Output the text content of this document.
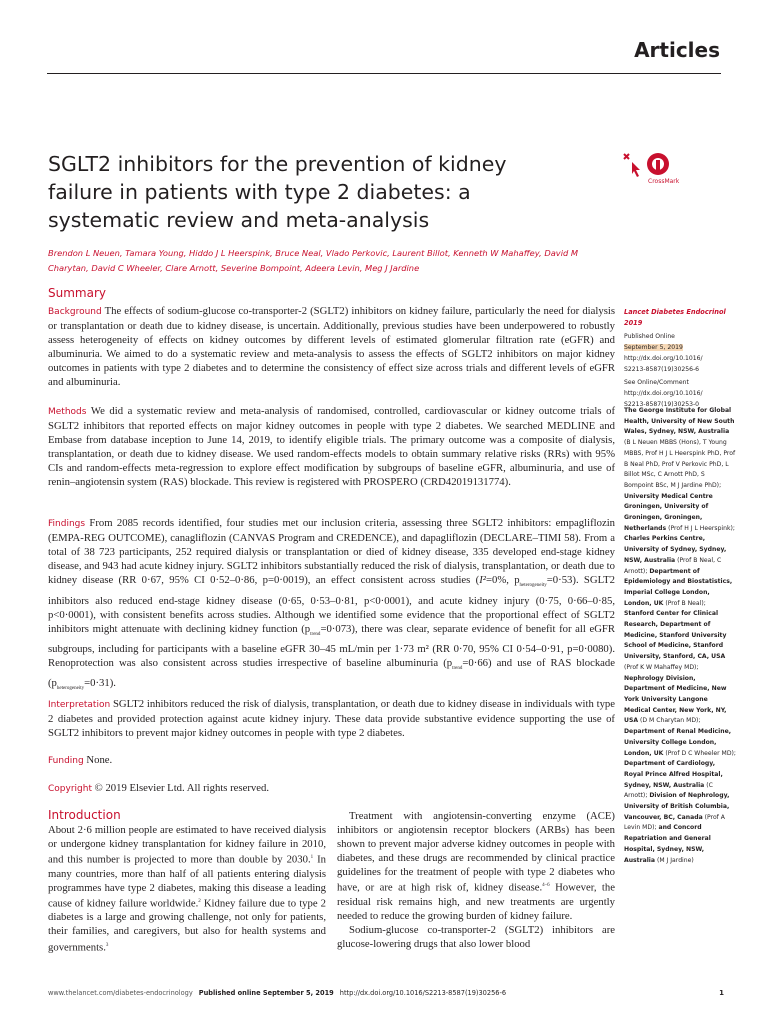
Articles
SGLT2 inhibitors for the prevention of kidney failure in patients with type 2 diabetes: a systematic review and meta-analysis
CrossMark
Brendon L Neuen, Tamara Young, Hiddo J L Heerspink, Bruce Neal, Vlado Perkovic, Laurent Billot, Kenneth W Mahaffey, David M Charytan, David C Wheeler, Clare Arnott, Severine Bompoint, Adeera Levin, Meg J Jardine
Summary
Background The effects of sodium-glucose co-transporter-2 (SGLT2) inhibitors on kidney failure, particularly the need for dialysis or transplantation or death due to kidney disease, is uncertain. Additionally, previous studies have been underpowered to robustly assess heterogeneity of effects on kidney outcomes by different levels of estimated glomerular filtration rate (eGFR) and albuminuria. We aimed to do a systematic review and meta-analysis to assess the effects of SGLT2 inhibitors on major kidney outcomes in patients with type 2 diabetes and to determine the consistency of effect size across trials and different levels of eGFR and albuminuria.
Methods We did a systematic review and meta-analysis of randomised, controlled, cardiovascular or kidney outcome trials of SGLT2 inhibitors that reported effects on major kidney outcomes in people with type 2 diabetes. We searched MEDLINE and Embase from database inception to June 14, 2019, to identify eligible trials. The primary outcome was a composite of dialysis, transplantation, or death due to kidney disease. We used random-effects models to obtain summary relative risks (RRs) with 95% CIs and random-effects meta-regression to explore effect modification by subgroups of baseline eGFR, albuminuria, and use of renin–angiotensin system (RAS) blockade. This review is registered with PROSPERO (CRD42019131774).
Findings From 2085 records identified, four studies met our inclusion criteria, assessing three SGLT2 inhibitors: empagliflozin (EMPA-REG OUTCOME), canagliflozin (CANVAS Program and CREDENCE), and dapagliflozin (DECLARE–TIMI 58). From a total of 38 723 participants, 252 required dialysis or transplantation or died of kidney disease, 335 developed end-stage kidney disease, and 943 had acute kidney injury. SGLT2 inhibitors substantially reduced the risk of dialysis, transplantation, or death due to kidney disease (RR 0·67, 95% CI 0·52–0·86, p=0·0019), an effect consistent across studies (I²=0%, $p_{heterogeneity}=0\cdot 53$). SGLT2 inhibitors also reduced end-stage kidney disease (0·65, 0·53–0·81, p<0·0001), and acute kidney injury (0·75, 0·66–0·85, p<0·0001), with consistent benefits across studies. Although we identified some evidence that the proportional effect of SGLT2 inhibitors might attenuate with declining kidney function $(p_{trend}=0\cdot 073)$, there was clear, separate evidence of benefit for all eGFR subgroups, including for participants with a baseline eGFR 30–45 mL/min per 1·73 m² (RR 0·70, 95% CI 0·54–0·91, p=0·0080). Renoprotection was also consistent across studies irrespective of baseline albuminuria $(p_{trend}=0\cdot 66)$ and use of RAS blockade $(p_{heterogeneity}=0\cdot 31)$.
Interpretation SGLT2 inhibitors reduced the risk of dialysis, transplantation, or death due to kidney disease in individuals with type 2 diabetes and provided protection against acute kidney injury. These data provide substantive evidence supporting the use of SGLT2 inhibitors to prevent major kidney outcomes in people with type 2 diabetes.
Funding None.
Copyright © 2019 Elsevier Ltd. All rights reserved.
Introduction

About 2·6 million people are estimated to have received dialysis or undergone kidney transplantation for kidney failure in 2010, and this number is projected to more than double by 2030.$^1$ In many countries, more than half of all patients entering dialysis programmes have type 2 diabetes, making this disease a leading cause of kidney failure worldwide.$^2$ Kidney failure due to type 2 diabetes is a large and growing challenge, not only for patients, their families, and caregivers, but also for health systems and governments.$^3$

Treatment with angiotensin-converting enzyme (ACE) inhibitors or angiotensin receptor blockers (ARBs) has been shown to prevent major adverse kidney outcomes in people with diabetes, and these drugs are recommended by clinical practice guidelines for the treatment of people with type 2 diabetes who have, or are at high risk of, kidney disease.$^{4-6}$ However, the residual risk remains high, and new treatments are urgently needed to reduce the growing burden of kidney failure.

Sodium-glucose co-transporter-2 (SGLT2) inhibitors are glucose-lowering drugs that also lower blood

Lancet Diabetes Endocrinol 2019
Published Online
September 5, 2019
http://dx.doi.org/10.1016/
S2213-8587(19)30256-6
See Online/Comment
http://dx.doi.org/10.1016/
S2213-8587(19)30253-0
The George Institute for Global Health, University of New South Wales, Sydney, NSW, Australia (B L Neuen MBBS (Hons), T Young MBBS, Prof H J L Heerspink PhD, Prof B Neal PhD, Prof V Perkovic PhD, L Billot MSc, C Arnott PhD, S Bompoint BSc, M J Jardine PhD); University Medical Centre Groningen, University of Groningen, Groningen, Netherlands (Prof H J L Heerspink); Charles Perkins Centre, University of Sydney, Sydney, NSW, Australia (Prof B Neal, C Arnott); Department of Epidemiology and Biostatistics, Imperial College London, London, UK (Prof B Neal); Stanford Center for Clinical Research, Department of Medicine, Stanford University School of Medicine, Stanford University, Stanford, CA, USA (Prof K W Mahaffey MD); Nephrology Division, Department of Medicine, New York University Langone Medical Center, New York, NY, USA (D M Charytan MD); Department of Renal Medicine, University College London, London, UK (Prof D C Wheeler MD); Department of Cardiology, Royal Prince Alfred Hospital, Sydney, NSW, Australia (C Arnott); Division of Nephrology, University of British Columbia, Vancouver, BC, Canada (Prof A Levin MD); and Concord Repatriation and General Hospital, Sydney, NSW, Australia (M J Jardine)
www.thelancet.com/diabetes-endocrinology Published online September 5, 2019 http://dx.doi.org/10.1016/S2213-8587(19)30256-6	1
